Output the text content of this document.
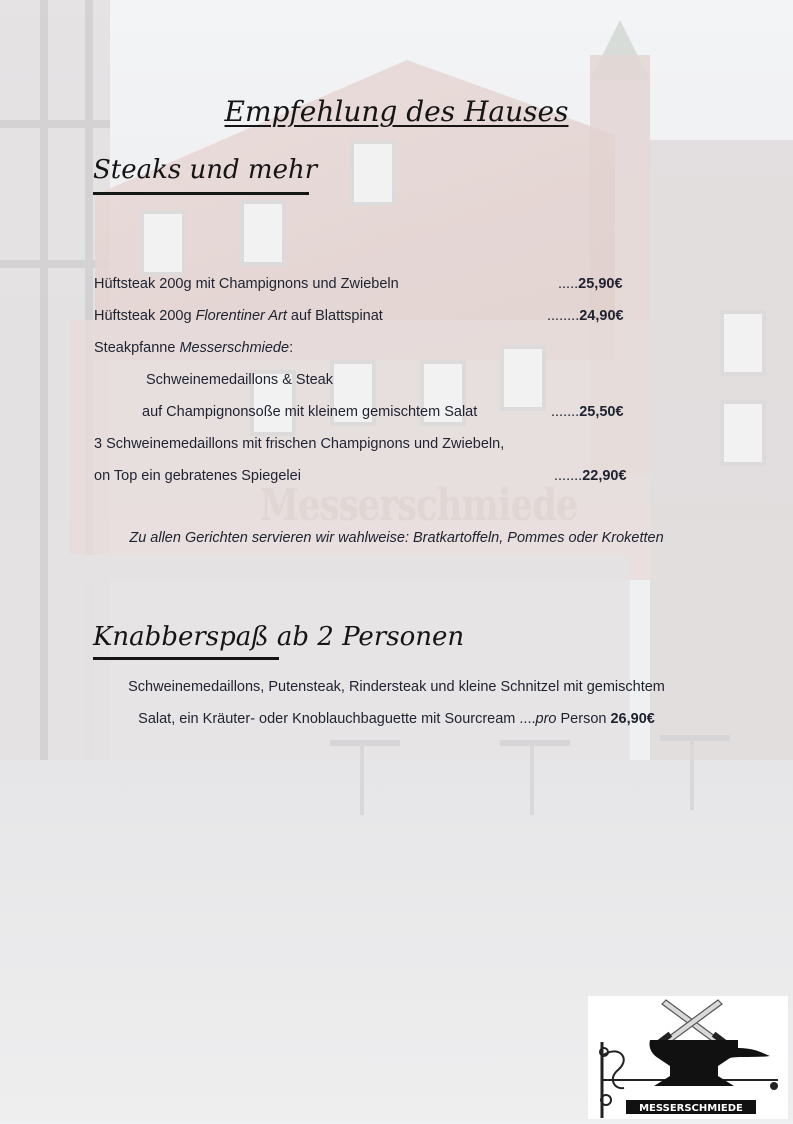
Messerschmiede
Empfehlung des Hauses
Steaks und mehr
Hüftsteak 200g mit Champignons und Zwiebeln	.....25,90€
Hüftsteak 200g Florentiner Art auf Blattspinat	........24,90€
Steakpfanne Messerschmiede:
Schweinemedaillons & Steak
auf Champignonsoße mit kleinem gemischtem Salat	.......25,50€
3 Schweinemedaillons mit frischen Champignons und Zwiebeln,
on Top ein gebratenes Spiegelei	.......22,90€
Zu allen Gerichten servieren wir wahlweise: Bratkartoffeln, Pommes oder Kroketten
Knabberspaß ab 2 Personen
Schweinemedaillons, Putensteak, Rindersteak und kleine Schnitzel mit gemischtem
Salat, ein Kräuter- oder Knoblauchbaguette mit Sourcream ....pro Person 26,90€
MESSERSCHMIEDE
